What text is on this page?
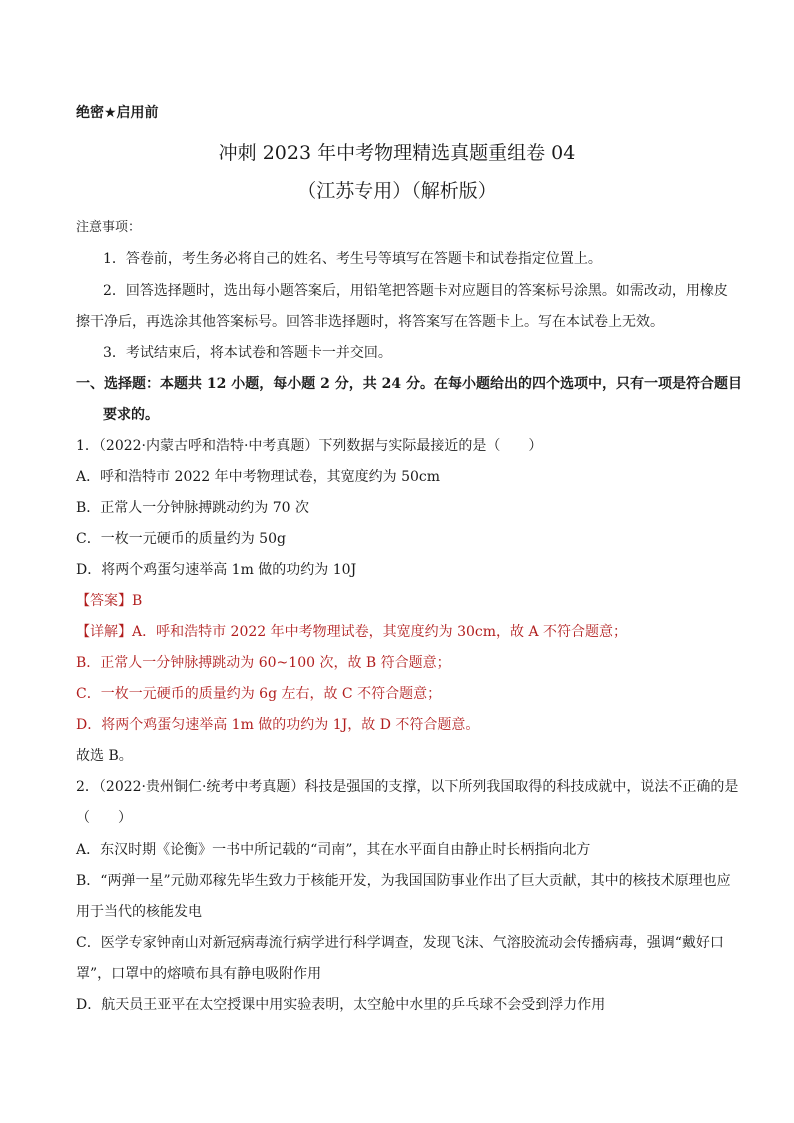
绝密★启用前
冲刺 2023 年中考物理精选真题重组卷 04
（江苏专用）（解析版）
注意事项：
1．答卷前，考生务必将自己的姓名、考生号等填写在答题卡和试卷指定位置上。
2．回答选择题时，选出每小题答案后，用铅笔把答题卡对应题目的答案标号涂黑。如需改动，用橡皮
擦干净后，再选涂其他答案标号。回答非选择题时，将答案写在答题卡上。写在本试卷上无效。
3．考试结束后，将本试卷和答题卡一并交回。
一、选择题：本题共 12 小题，每小题 2 分，共 24 分。在每小题给出的四个选项中，只有一项是符合题目
要求的。
1．（2022·内蒙古呼和浩特·中考真题）下列数据与实际最接近的是（　　）
A．呼和浩特市 2022 年中考物理试卷，其宽度约为 50cm
B．正常人一分钟脉搏跳动约为 70 次
C．一枚一元硬币的质量约为 50g
D．将两个鸡蛋匀速举高 1m 做的功约为 10J
【答案】B
【详解】A．呼和浩特市 2022 年中考物理试卷，其宽度约为 30cm，故 A 不符合题意；
B．正常人一分钟脉搏跳动为 60~100 次，故 B 符合题意；
C．一枚一元硬币的质量约为 6g 左右，故 C 不符合题意；
D．将两个鸡蛋匀速举高 1m 做的功约为 1J，故 D 不符合题意。
故选 B。
2．（2022·贵州铜仁·统考中考真题）科技是强国的支撑，以下所列我国取得的科技成就中，说法不正确的是
（　　）
A．东汉时期《论衡》一书中所记载的“司南”，其在水平面自由静止时长柄指向北方
B．“两弹一星”元勋邓稼先毕生致力于核能开发，为我国国防事业作出了巨大贡献，其中的核技术原理也应
用于当代的核能发电
C．医学专家钟南山对新冠病毒流行病学进行科学调查，发现飞沫、气溶胶流动会传播病毒，强调“戴好口
罩”，口罩中的熔喷布具有静电吸附作用
D．航天员王亚平在太空授课中用实验表明，太空舱中水里的乒乓球不会受到浮力作用
